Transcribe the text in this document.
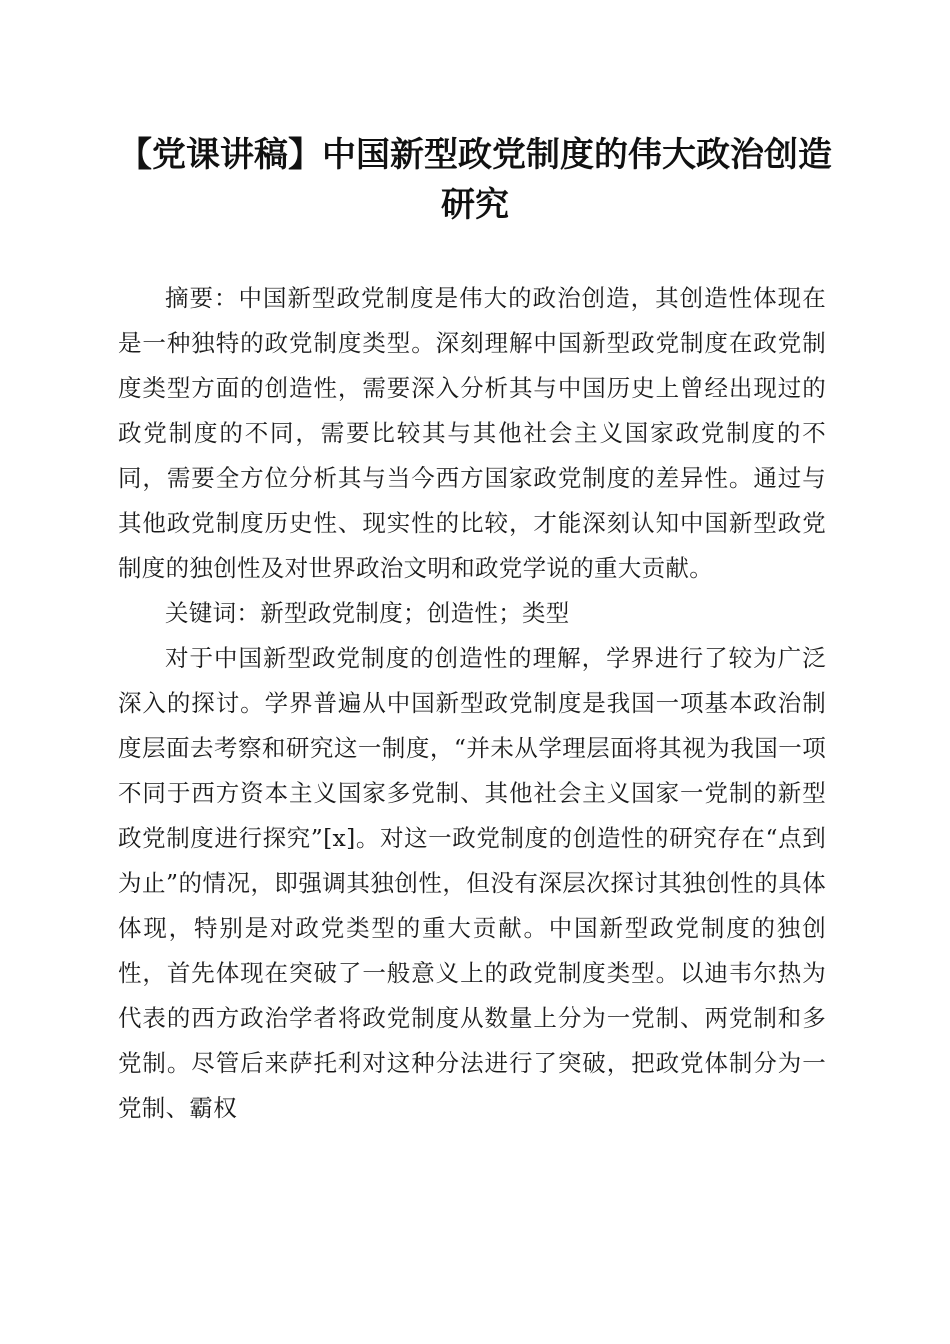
【党课讲稿】中国新型政党制度的伟大政治创造研究

摘要：中国新型政党制度是伟大的政治创造，其创造性体现在是一种独特的政党制度类型。深刻理解中国新型政党制度在政党制度类型方面的创造性，需要深入分析其与中国历史上曾经出现过的政党制度的不同，需要比较其与其他社会主义国家政党制度的不同，需要全方位分析其与当今西方国家政党制度的差异性。通过与其他政党制度历史性、现实性的比较，才能深刻认知中国新型政党制度的独创性及对世界政治文明和政党学说的重大贡献。

关键词：新型政党制度；创造性；类型

对于中国新型政党制度的创造性的理解，学界进行了较为广泛深入的探讨。学界普遍从中国新型政党制度是我国一项基本政治制度层面去考察和研究这一制度，“并未从学理层面将其视为我国一项不同于西方资本主义国家多党制、其他社会主义国家一党制的新型政党制度进行探究”[x]。对这一政党制度的创造性的研究存在“点到为止”的情况，即强调其独创性，但没有深层次探讨其独创性的具体体现，特别是对政党类型的重大贡献。中国新型政党制度的独创性，首先体现在突破了一般意义上的政党制度类型。以迪韦尔热为代表的西方政治学者将政党制度从数量上分为一党制、两党制和多党制。尽管后来萨托利对这种分法进行了突破，把政党体制分为一党制、霸权
